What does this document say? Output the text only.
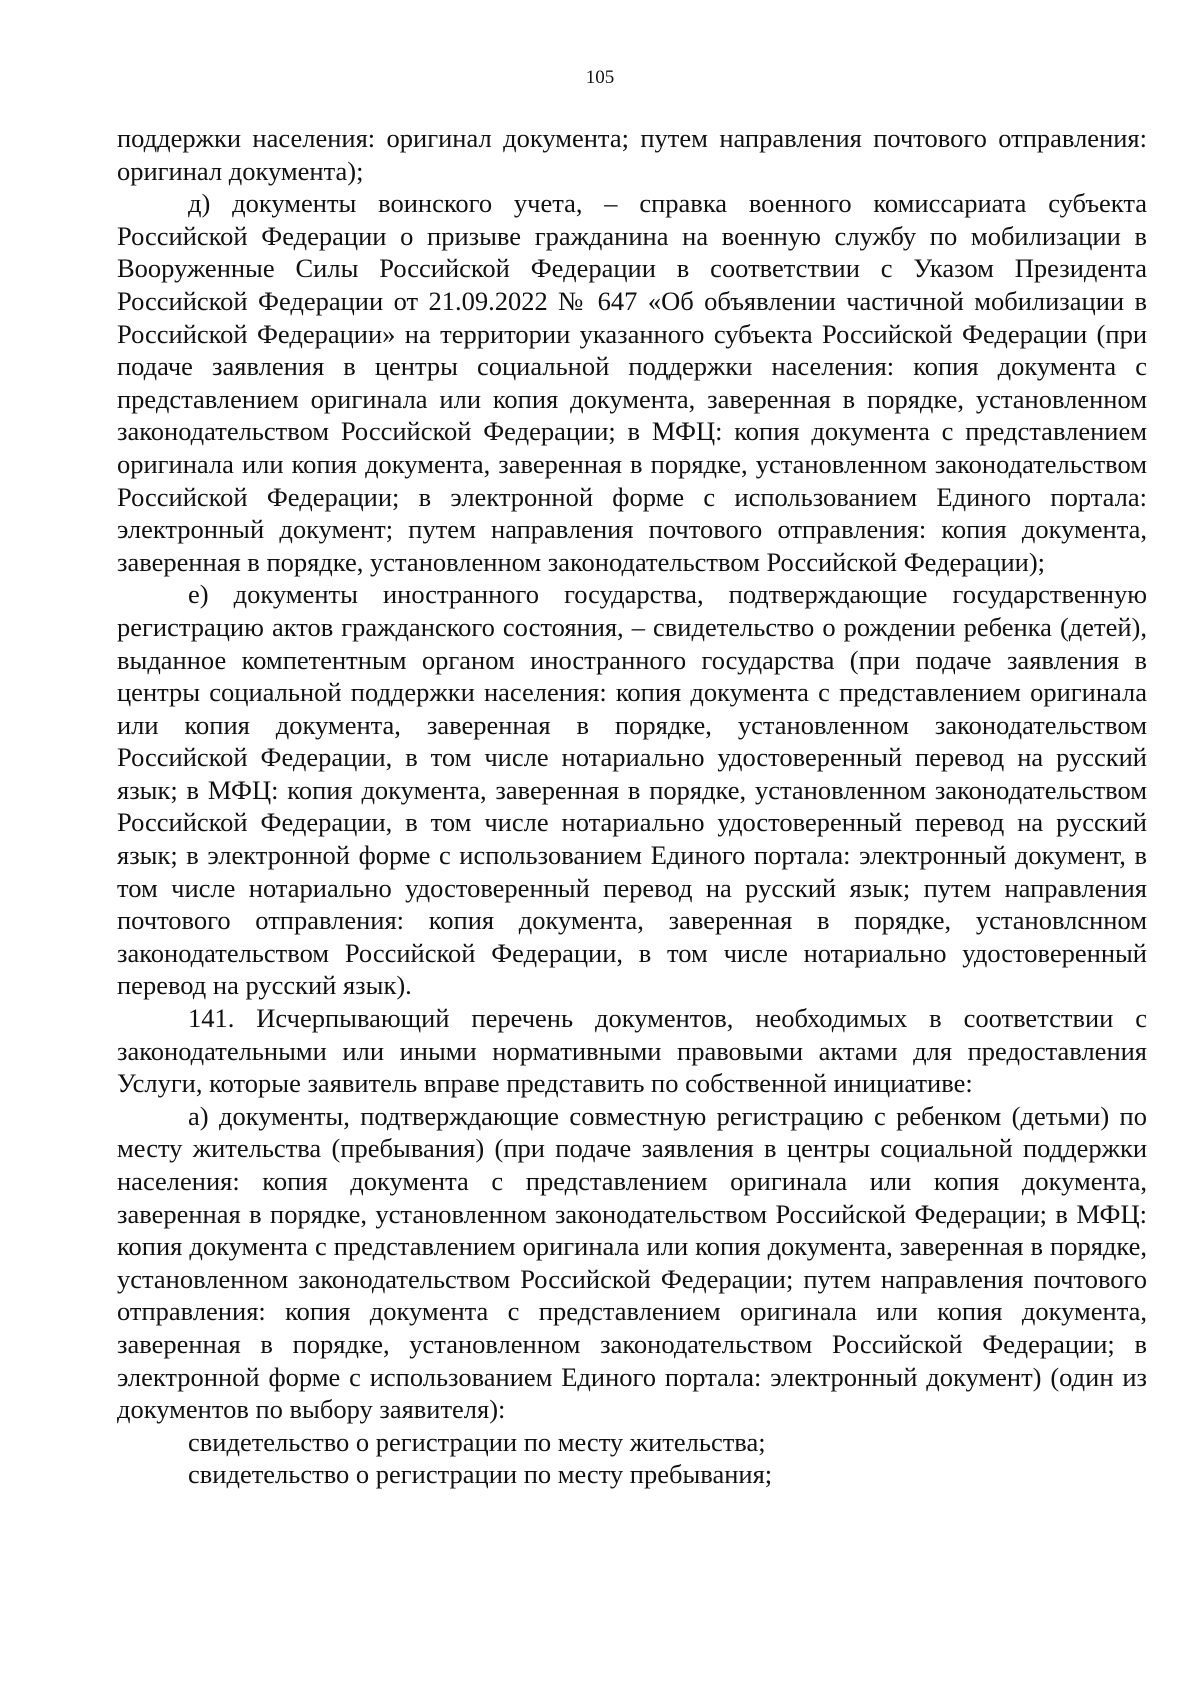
105

поддержки населения: оригинал документа; путем направления почтового отправления: оригинал документа);

д) документы воинского учета, – справка военного комиссариата субъекта Российской Федерации о призыве гражданина на военную службу по мобилизации в Вооруженные Силы Российской Федерации в соответствии с Указом Президента Российской Федерации от 21.09.2022 № 647 «Об объявлении частичной мобилизации в Российской Федерации» на территории указанного субъекта Российской Федерации (при подаче заявления в центры социальной поддержки населения: копия документа с представлением оригинала или копия документа, заверенная в порядке, установленном законодательством Российской Федерации; в МФЦ: копия документа с представлением оригинала или копия документа, заверенная в порядке, установленном законодательством Российской Федерации; в электронной форме с использованием Единого портала: электронный документ; путем направления почтового отправления: копия документа, заверенная в порядке, установленном законодательством Российской Федерации);

е) документы иностранного государства, подтверждающие государственную регистрацию актов гражданского состояния, – свидетельство о рождении ребенка (детей), выданное компетентным органом иностранного государства (при подаче заявления в центры социальной поддержки населения: копия документа с представлением оригинала или копия документа, заверенная в порядке, установленном законодательством Российской Федерации, в том числе нотариально удостоверенный перевод на русский язык; в МФЦ: копия документа, заверенная в порядке, установленном законодательством Российской Федерации, в том числе нотариально удостоверенный перевод на русский язык; в электронной форме с использованием Единого портала: электронный документ, в том числе нотариально удостоверенный перевод на русский язык; путем направления почтового отправления: копия документа, заверенная в порядке, установлснном законодательством Российской Федерации, в том числе нотариально удостоверенный перевод на русский язык).

141. Исчерпывающий перечень документов, необходимых в соответствии с законодательными или иными нормативными правовыми актами для предоставления Услуги, которые заявитель вправе представить по собственной инициативе:

а) документы, подтверждающие совместную регистрацию с ребенком (детьми) по месту жительства (пребывания) (при подаче заявления в центры социальной поддержки населения: копия документа с представлением оригинала или копия документа, заверенная в порядке, установленном законодательством Российской Федерации; в МФЦ: копия документа с представлением оригинала или копия документа, заверенная в порядке, установленном законодательством Российской Федерации; путем направления почтового отправления: копия документа с представлением оригинала или копия документа, заверенная в порядке, установленном законодательством Российской Федерации; в электронной форме с использованием Единого портала: электронный документ) (один из документов по выбору заявителя):

свидетельство о регистрации по месту жительства;

свидетельство о регистрации по месту пребывания;
